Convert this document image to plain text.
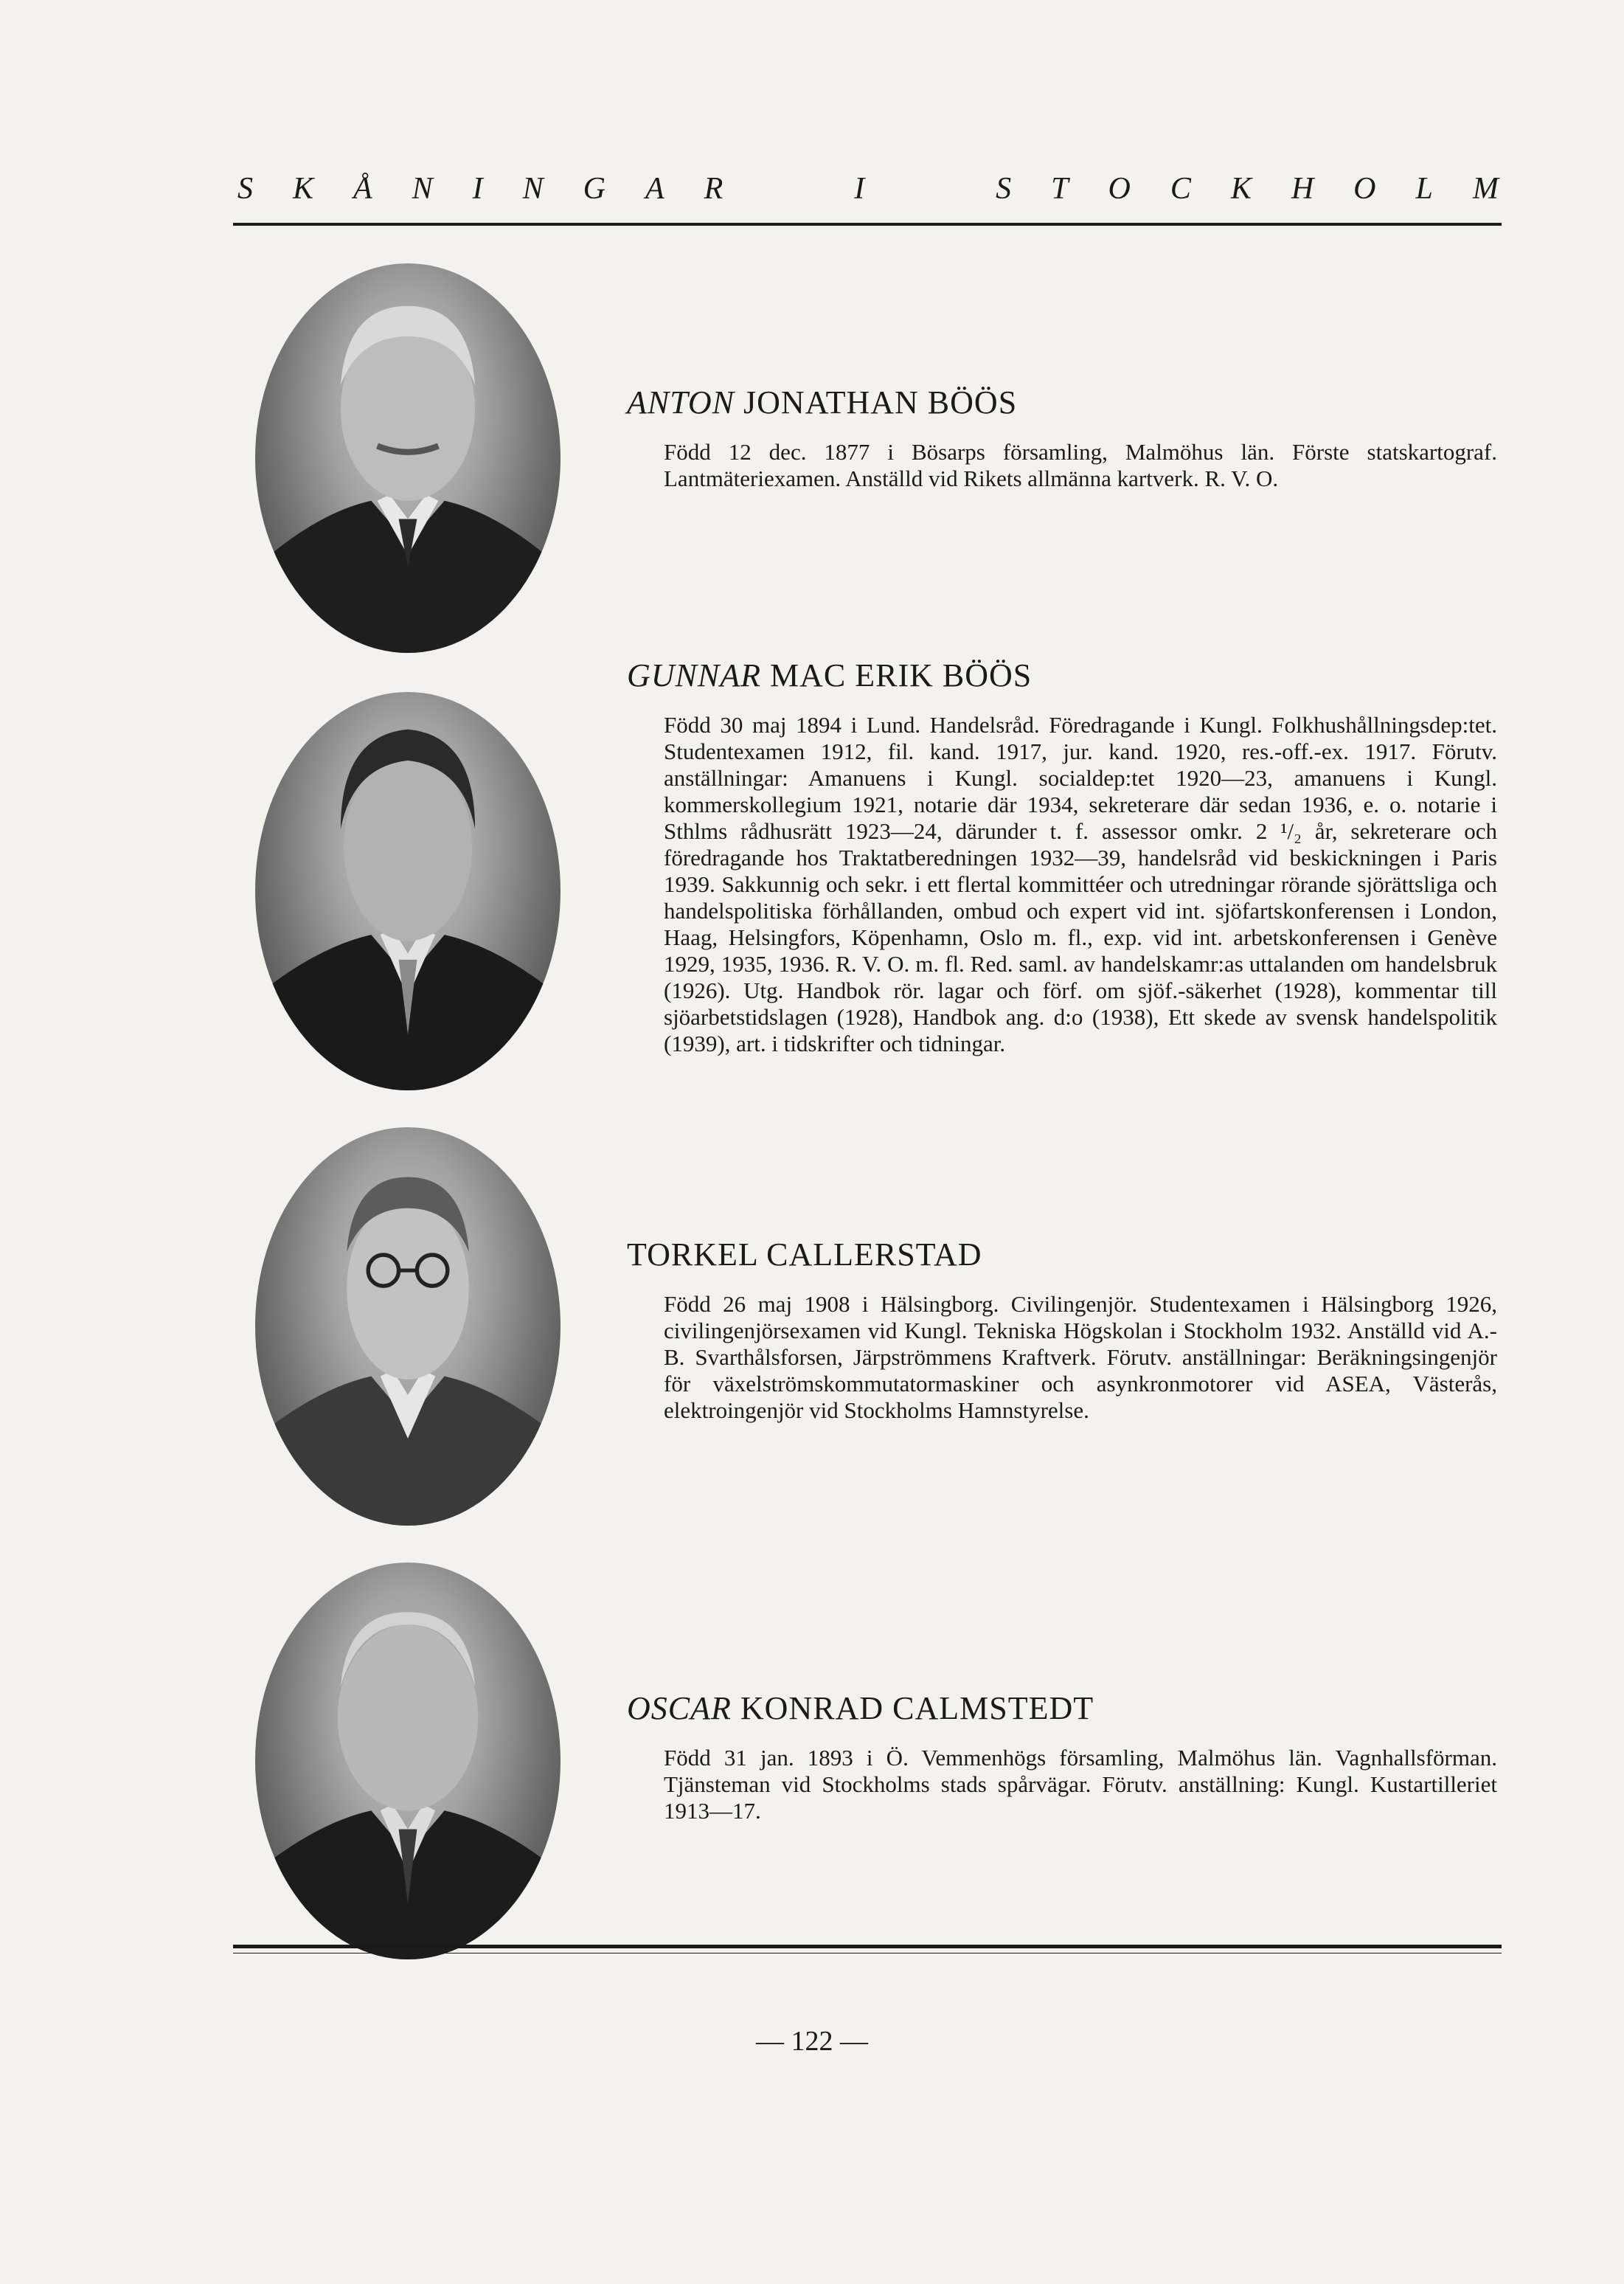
S K Å N I N G A R	I	S T O C K H O L M
ANTON JONATHAN BÖÖS

Född 12 dec. 1877 i Bösarps församling, Malmöhus län. Förste statskartograf. Lantmäteriexamen. Anställd vid Rikets allmänna kartverk. R. V. O.

GUNNAR MAC ERIK BÖÖS

Född 30 maj 1894 i Lund. Handelsråd. Föredragande i Kungl. Folkhushållningsdep:tet. Studentexamen 1912, fil. kand. 1917, jur. kand. 1920, res.-off.-ex. 1917. Förutv. anställningar: Amanuens i Kungl. socialdep:tet 1920—23, amanuens i Kungl. kommerskollegium 1921, notarie där 1934, sekreterare där sedan 1936, e. o. notarie i Sthlms rådhusrätt 1923—24, därunder t. f. assessor omkr. 2 ¹/₂ år, sekreterare och föredragande hos Traktatberedningen 1932—39, handelsråd vid beskickningen i Paris 1939. Sakkunnig och sekr. i ett flertal kommittéer och utredningar rörande sjörättsliga och handelspolitiska förhållanden, ombud och expert vid int. sjöfartskonferensen i London, Haag, Helsingfors, Köpenhamn, Oslo m. fl., exp. vid int. arbetskonferensen i Genève 1929, 1935, 1936. R. V. O. m. fl. Red. saml. av handelskamr:as uttalanden om handelsbruk (1926). Utg. Handbok rör. lagar och förf. om sjöf.-säkerhet (1928), kommentar till sjöarbetstidslagen (1928), Handbok ang. d:o (1938), Ett skede av svensk handelspolitik (1939), art. i tidskrifter och tidningar.

TORKEL CALLERSTAD

Född 26 maj 1908 i Hälsingborg. Civilingenjör. Studentexamen i Hälsingborg 1926, civilingenjörsexamen vid Kungl. Tekniska Högskolan i Stockholm 1932. Anställd vid A.-B. Svarthålsforsen, Järpströmmens Kraftverk. Förutv. anställningar: Beräkningsingenjör för växelströmskommutatormaskiner och asynkronmotorer vid ASEA, Västerås, elektroingenjör vid Stockholms Hamnstyrelse.

OSCAR KONRAD CALMSTEDT

Född 31 jan. 1893 i Ö. Vemmenhögs församling, Malmöhus län. Vagnhallsförman. Tjänsteman vid Stockholms stads spårvägar. Förutv. anställning: Kungl. Kustartilleriet 1913—17.

— 122 —
